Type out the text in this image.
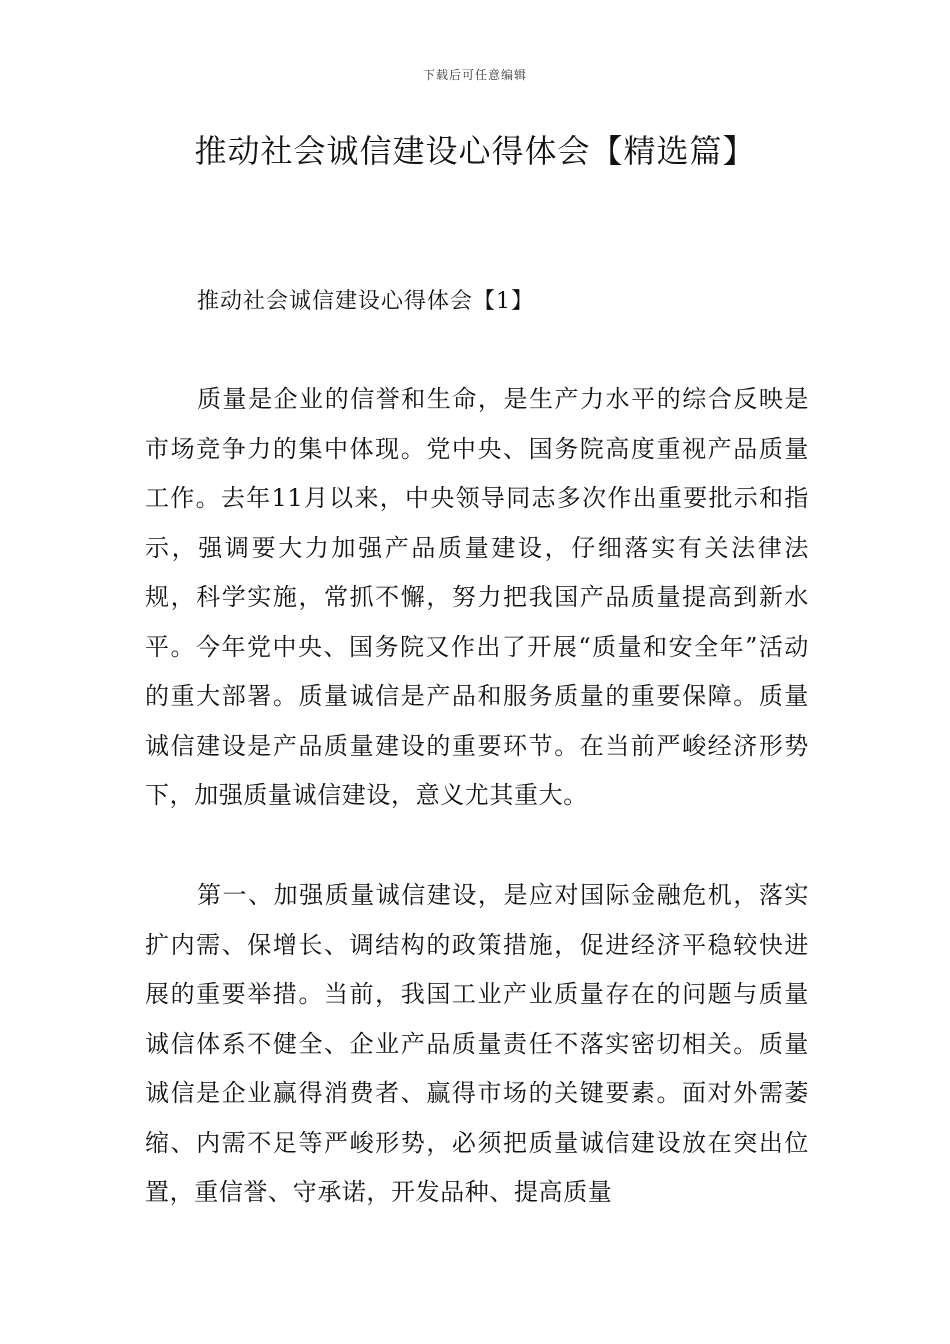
下载后可任意编辑
推动社会诚信建设心得体会【精选篇】
推动社会诚信建设心得体会【1】

质量是企业的信誉和生命，是生产力水平的综合反映是市场竞争力的集中体现。党中央、国务院高度重视产品质量工作。去年11月以来，中央领导同志多次作出重要批示和指示，强调要大力加强产品质量建设，仔细落实有关法律法规，科学实施，常抓不懈，努力把我国产品质量提高到新水平。今年党中央、国务院又作出了开展“质量和安全年”活动的重大部署。质量诚信是产品和服务质量的重要保障。质量诚信建设是产品质量建设的重要环节。在当前严峻经济形势下，加强质量诚信建设，意义尤其重大。

第一、加强质量诚信建设，是应对国际金融危机，落实扩内需、保增长、调结构的政策措施，促进经济平稳较快进展的重要举措。当前，我国工业产业质量存在的问题与质量诚信体系不健全、企业产品质量责任不落实密切相关。质量诚信是企业赢得消费者、赢得市场的关键要素。面对外需萎缩、内需不足等严峻形势，必须把质量诚信建设放在突出位置，重信誉、守承诺，开发品种、提高质量
